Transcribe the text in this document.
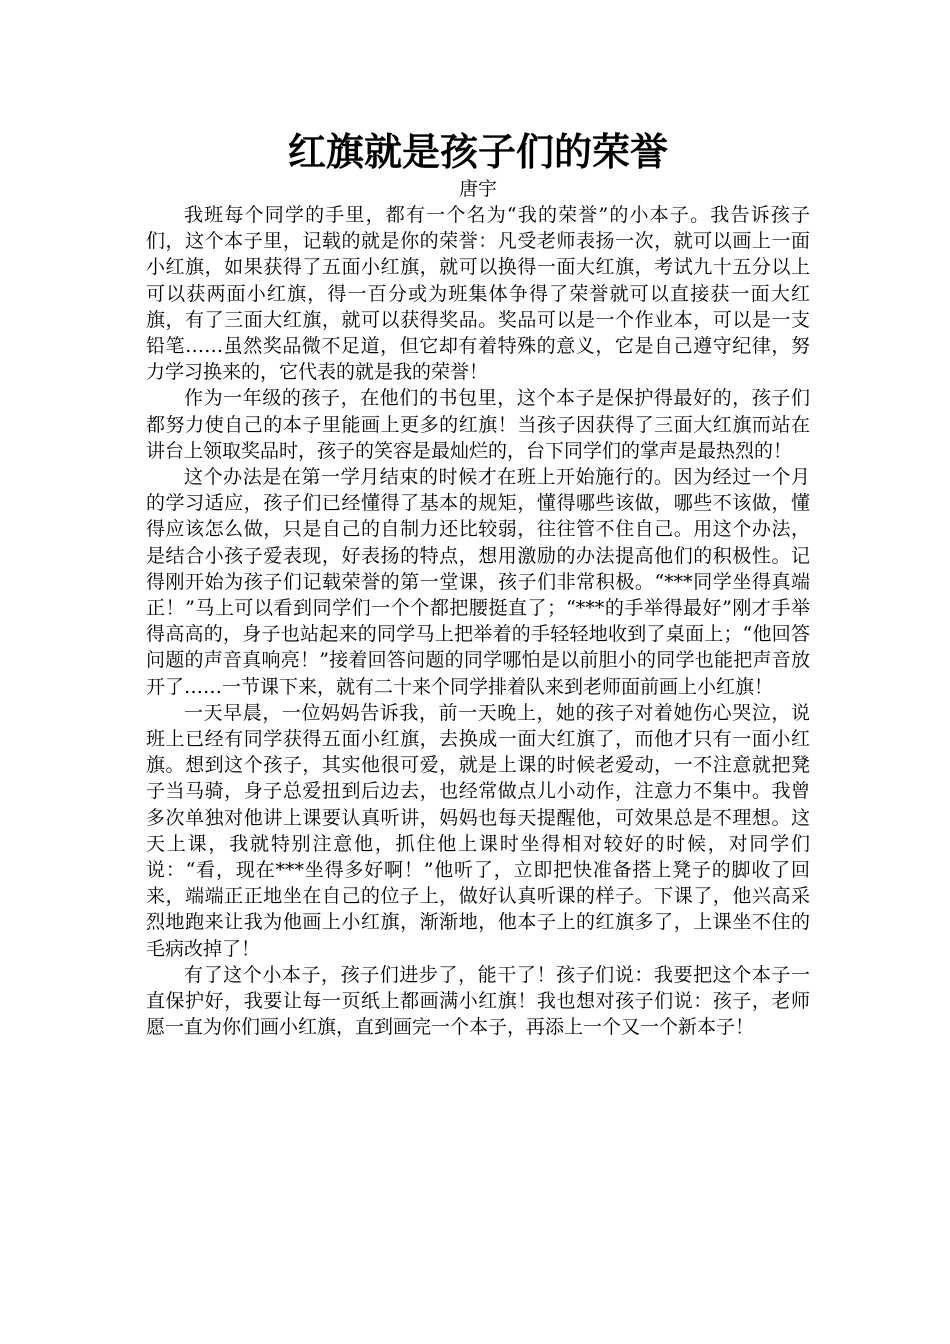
红旗就是孩子们的荣誉

唐宇

我班每个同学的手里，都有一个名为“我的荣誉”的小本子。我告诉孩子们，这个本子里，记载的就是你的荣誉：凡受老师表扬一次，就可以画上一面小红旗，如果获得了五面小红旗，就可以换得一面大红旗，考试九十五分以上可以获两面小红旗，得一百分或为班集体争得了荣誉就可以直接获一面大红旗，有了三面大红旗，就可以获得奖品。奖品可以是一个作业本，可以是一支铅笔……虽然奖品微不足道，但它却有着特殊的意义，它是自己遵守纪律，努力学习换来的，它代表的就是我的荣誉！

作为一年级的孩子，在他们的书包里，这个本子是保护得最好的，孩子们都努力使自己的本子里能画上更多的红旗！当孩子因获得了三面大红旗而站在讲台上领取奖品时，孩子的笑容是最灿烂的，台下同学们的掌声是最热烈的！

这个办法是在第一学月结束的时候才在班上开始施行的。因为经过一个月的学习适应，孩子们已经懂得了基本的规矩，懂得哪些该做，哪些不该做，懂得应该怎么做，只是自己的自制力还比较弱，往往管不住自己。用这个办法，是结合小孩子爱表现，好表扬的特点，想用激励的办法提高他们的积极性。记得刚开始为孩子们记载荣誉的第一堂课，孩子们非常积极。“***同学坐得真端正！”马上可以看到同学们一个个都把腰挺直了；“***的手举得最好”刚才手举得高高的，身子也站起来的同学马上把举着的手轻轻地收到了桌面上；“他回答问题的声音真响亮！”接着回答问题的同学哪怕是以前胆小的同学也能把声音放开了……一节课下来，就有二十来个同学排着队来到老师面前画上小红旗！

一天早晨，一位妈妈告诉我，前一天晚上，她的孩子对着她伤心哭泣，说班上已经有同学获得五面小红旗，去换成一面大红旗了，而他才只有一面小红旗。想到这个孩子，其实他很可爱，就是上课的时候老爱动，一不注意就把凳子当马骑，身子总爱扭到后边去，也经常做点儿小动作，注意力不集中。我曾多次单独对他讲上课要认真听讲，妈妈也每天提醒他，可效果总是不理想。这天上课，我就特别注意他，抓住他上课时坐得相对较好的时候，对同学们说：“看，现在***坐得多好啊！”他听了，立即把快准备搭上凳子的脚收了回来，端端正正地坐在自己的位子上，做好认真听课的样子。下课了，他兴高采烈地跑来让我为他画上小红旗，渐渐地，他本子上的红旗多了，上课坐不住的毛病改掉了！

有了这个小本子，孩子们进步了，能干了！孩子们说：我要把这个本子一直保护好，我要让每一页纸上都画满小红旗！我也想对孩子们说：孩子，老师愿一直为你们画小红旗，直到画完一个本子，再添上一个又一个新本子！
